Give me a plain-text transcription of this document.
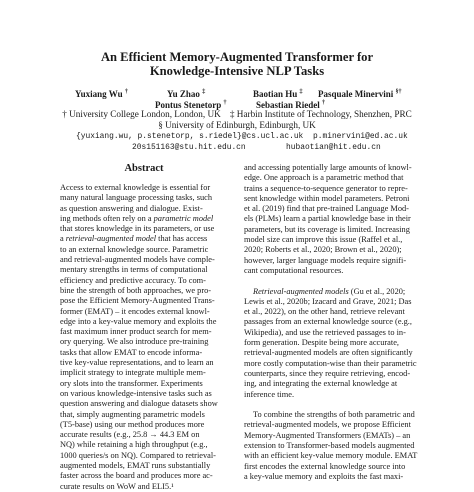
An Efficient Memory-Augmented Transformer for
Knowledge-Intensive NLP Tasks
Yuxiang Wu †	Yu Zhao ‡	Baotian Hu ‡ Pasquale Minervini §†
Pontus Stenetorp †	Sebastian Riedel †
† University College London, London, UK    ‡ Harbin Institute of Technology, Shenzhen, PRC
§ University of Edinburgh, Edinburgh, UK
{yuxiang.wu, p.stenetorp, s.riedel}@cs.ucl.ac.uk p.minervini@ed.ac.uk
20s151163@stu.hit.edu.cn	hubaotian@hit.edu.cn
Abstract
Access to external knowledge is essential for
many natural language processing tasks, such
as question answering and dialogue. Exist-
ing methods often rely on a parametric model
that stores knowledge in its parameters, or use
a retrieval-augmented model that has access
to an external knowledge source. Parametric
and retrieval-augmented models have comple-
mentary strengths in terms of computational
efficiency and predictive accuracy. To com-
bine the strength of both approaches, we pro-
pose the Efficient Memory-Augmented Trans-
former (EMAT) – it encodes external knowl-
edge into a key-value memory and exploits the
fast maximum inner product search for mem-
ory querying. We also introduce pre-training
tasks that allow EMAT to encode informa-
tive key-value representations, and to learn an
implicit strategy to integrate multiple mem-
ory slots into the transformer. Experiments
on various knowledge-intensive tasks such as
question answering and dialogue datasets show
that, simply augmenting parametric models
(T5-base) using our method produces more
accurate results (e.g., 25.8 → 44.3 EM on
NQ) while retaining a high throughput (e.g.,
1000 queries/s on NQ). Compared to retrieval-
augmented models, EMAT runs substantially
faster across the board and produces more ac-
curate results on WoW and ELI5.¹
and accessing potentially large amounts of knowl-
edge. One approach is a parametric method that
trains a sequence-to-sequence generator to repre-
sent knowledge within model parameters. Petroni
et al. (2019) find that pre-trained Language Mod-
els (PLMs) learn a partial knowledge base in their
parameters, but its coverage is limited. Increasing
model size can improve this issue (Raffel et al.,
2020; Roberts et al., 2020; Brown et al., 2020);
however, larger language models require signifi-
cant computational resources.
Retrieval-augmented models (Gu et al., 2020;
Lewis et al., 2020b; Izacard and Grave, 2021; Das
et al., 2022), on the other hand, retrieve relevant
passages from an external knowledge source (e.g.,
Wikipedia), and use the retrieved passages to in-
form generation. Despite being more accurate,
retrieval-augmented models are often significantly
more costly computation-wise than their parametric
counterparts, since they require retrieving, encod-
ing, and integrating the external knowledge at
inference time.
To combine the strengths of both parametric and
retrieval-augmented models, we propose Efficient
Memory-Augmented Transformers (EMATs) – an
extension to Transformer-based models augmented
with an efficient key-value memory module. EMAT
first encodes the external knowledge source into
a key-value memory and exploits the fast maxi-
